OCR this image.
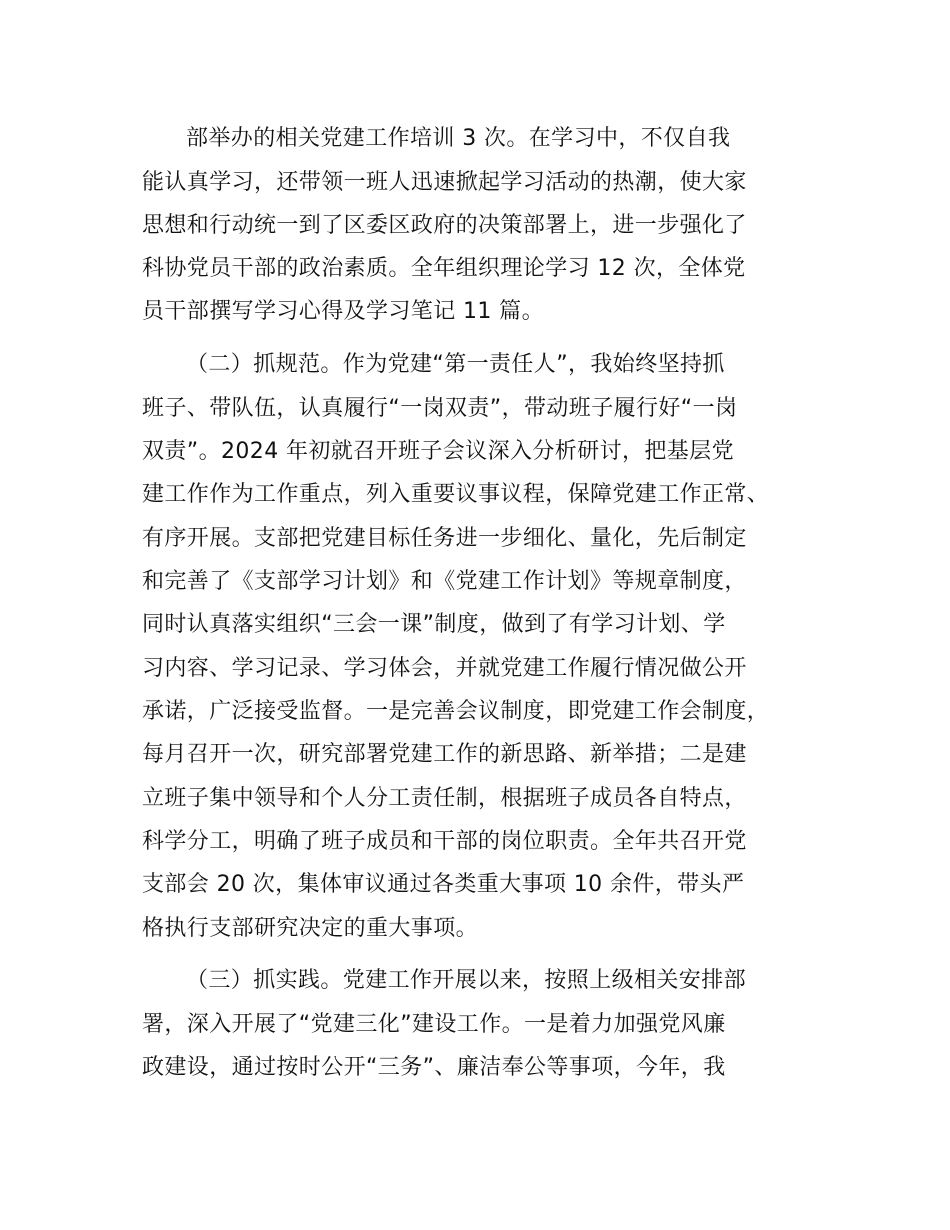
部举办的相关党建工作培训 3 次。在学习中，不仅自我
能认真学习，还带领一班人迅速掀起学习活动的热潮，使大家
思想和行动统一到了区委区政府的决策部署上，进一步强化了
科协党员干部的政治素质。全年组织理论学习 12 次，全体党
员干部撰写学习心得及学习笔记 11 篇。
（二）抓规范。作为党建“第一责任人”，我始终坚持抓
班子、带队伍，认真履行“一岗双责”，带动班子履行好“一岗
双责”。2024 年初就召开班子会议深入分析研讨，把基层党
建工作作为工作重点，列入重要议事议程，保障党建工作正常、
有序开展。支部把党建目标任务进一步细化、量化，先后制定
和完善了《支部学习计划》和《党建工作计划》等规章制度，
同时认真落实组织“三会一课”制度，做到了有学习计划、学
习内容、学习记录、学习体会，并就党建工作履行情况做公开
承诺，广泛接受监督。一是完善会议制度，即党建工作会制度，
每月召开一次，研究部署党建工作的新思路、新举措；二是建
立班子集中领导和个人分工责任制，根据班子成员各自特点，
科学分工，明确了班子成员和干部的岗位职责。全年共召开党
支部会 20 次，集体审议通过各类重大事项 10 余件，带头严
格执行支部研究决定的重大事项。
（三）抓实践。党建工作开展以来，按照上级相关安排部
署，深入开展了“党建三化”建设工作。一是着力加强党风廉
政建设，通过按时公开“三务”、廉洁奉公等事项，今年，我
